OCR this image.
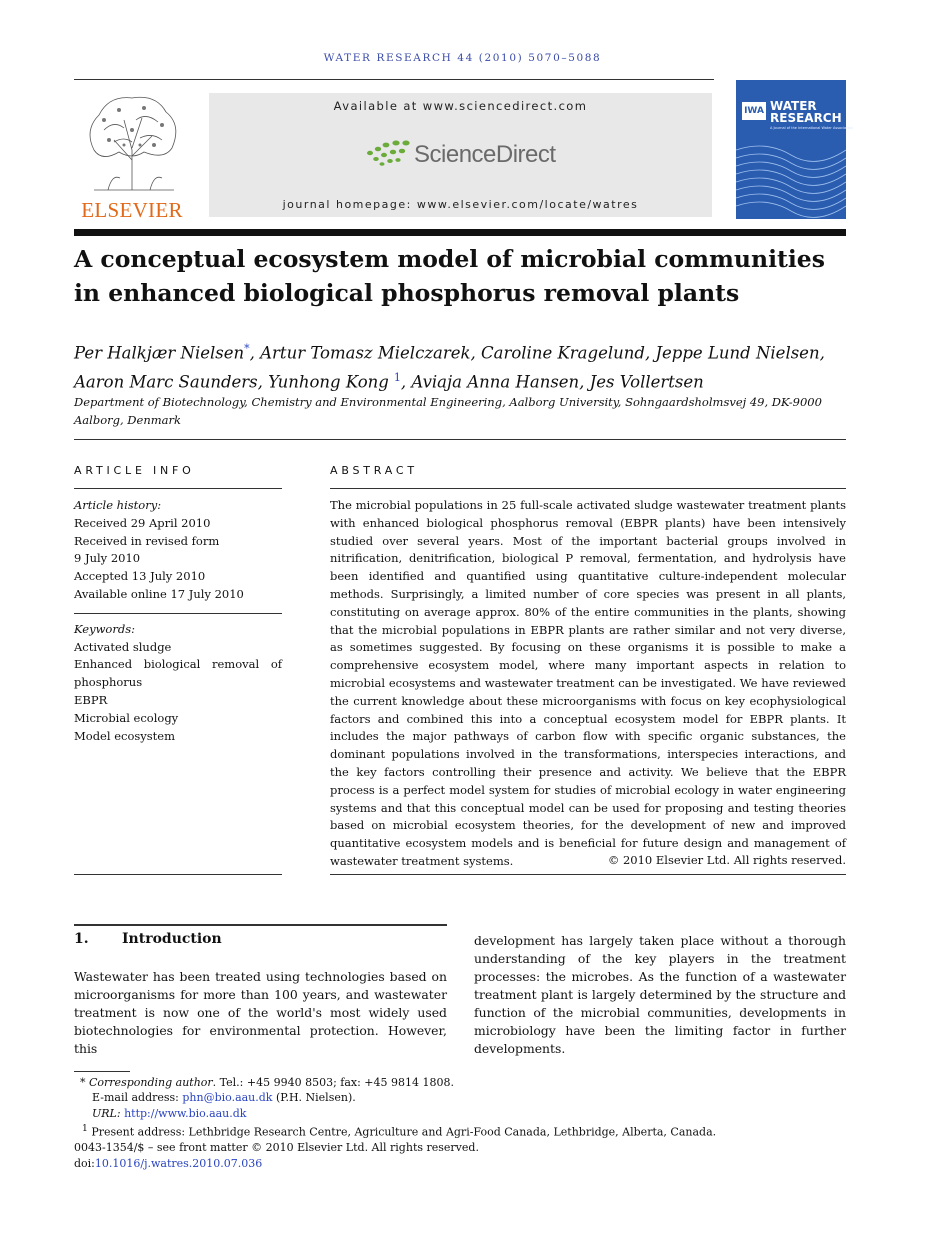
WATER RESEARCH 44 (2010) 5070–5088
ELSEVIER
Available at www.sciencedirect.com
ScienceDirect
journal homepage: www.elsevier.com/locate/watres
IWA WATER
RESEARCH
A Journal of the International Water Association
A conceptual ecosystem model of microbial communities
in enhanced biological phosphorus removal plants
Per Halkjær Nielsen*, Artur Tomasz Mielczarek, Caroline Kragelund, Jeppe Lund Nielsen,
Aaron Marc Saunders, Yunhong Kong $^1$, Aviaja Anna Hansen, Jes Vollertsen
Department of Biotechnology, Chemistry and Environmental Engineering, Aalborg University, Sohngaardsholmsvej 49, DK-9000 Aalborg, Denmark
ARTICLE INFO
Article history:
Received 29 April 2010
Received in revised form
9 July 2010
Accepted 13 July 2010
Available online 17 July 2010
Keywords:
Activated sludge
Enhanced biological removal of phosphorus
EBPR
Microbial ecology
Model ecosystem
ABSTRACT
The microbial populations in 25 full-scale activated sludge wastewater treatment plants with enhanced biological phosphorus removal (EBPR plants) have been intensively studied over several years. Most of the important bacterial groups involved in nitrification, denitrification, biological P removal, fermentation, and hydrolysis have been identified and quantified using quantitative culture-independent molecular methods. Surprisingly, a limited number of core species was present in all plants, constituting on average approx. 80% of the entire communities in the plants, showing that the microbial populations in EBPR plants are rather similar and not very diverse, as sometimes suggested. By focusing on these organisms it is possible to make a comprehensive ecosystem model, where many important aspects in relation to microbial ecosystems and wastewater treatment can be investigated. We have reviewed the current knowledge about these microorganisms with focus on key ecophysiological factors and combined this into a conceptual ecosystem model for EBPR plants. It includes the major pathways of carbon flow with specific organic substances, the dominant populations involved in the transformations, interspecies interactions, and the key factors controlling their presence and activity. We believe that the EBPR process is a perfect model system for studies of microbial ecology in water engineering systems and that this conceptual model can be used for proposing and testing theories based on microbial ecosystem theories, for the development of new and improved quantitative ecosystem models and is beneficial for future design and management of wastewater treatment systems.	© 2010 Elsevier Ltd. All rights reserved.
1. Introduction
Wastewater has been treated using technologies based on microorganisms for more than 100 years, and wastewater treatment is now one of the world's most widely used biotechnologies for environmental protection. However, this
development has largely taken place without a thorough understanding of the key players in the treatment processes: the microbes. As the function of a wastewater treatment plant is largely determined by the structure and function of the microbial communities, developments in microbiology have been the limiting factor in further developments.
* Corresponding author. Tel.: +45 9940 8503; fax: +45 9814 1808.
E-mail address: phn@bio.aau.dk (P.H. Nielsen).
URL: http://www.bio.aau.dk
$^1$ Present address: Lethbridge Research Centre, Agriculture and Agri-Food Canada, Lethbridge, Alberta, Canada.
0043-1354/$ – see front matter © 2010 Elsevier Ltd. All rights reserved.
doi:10.1016/j.watres.2010.07.036
